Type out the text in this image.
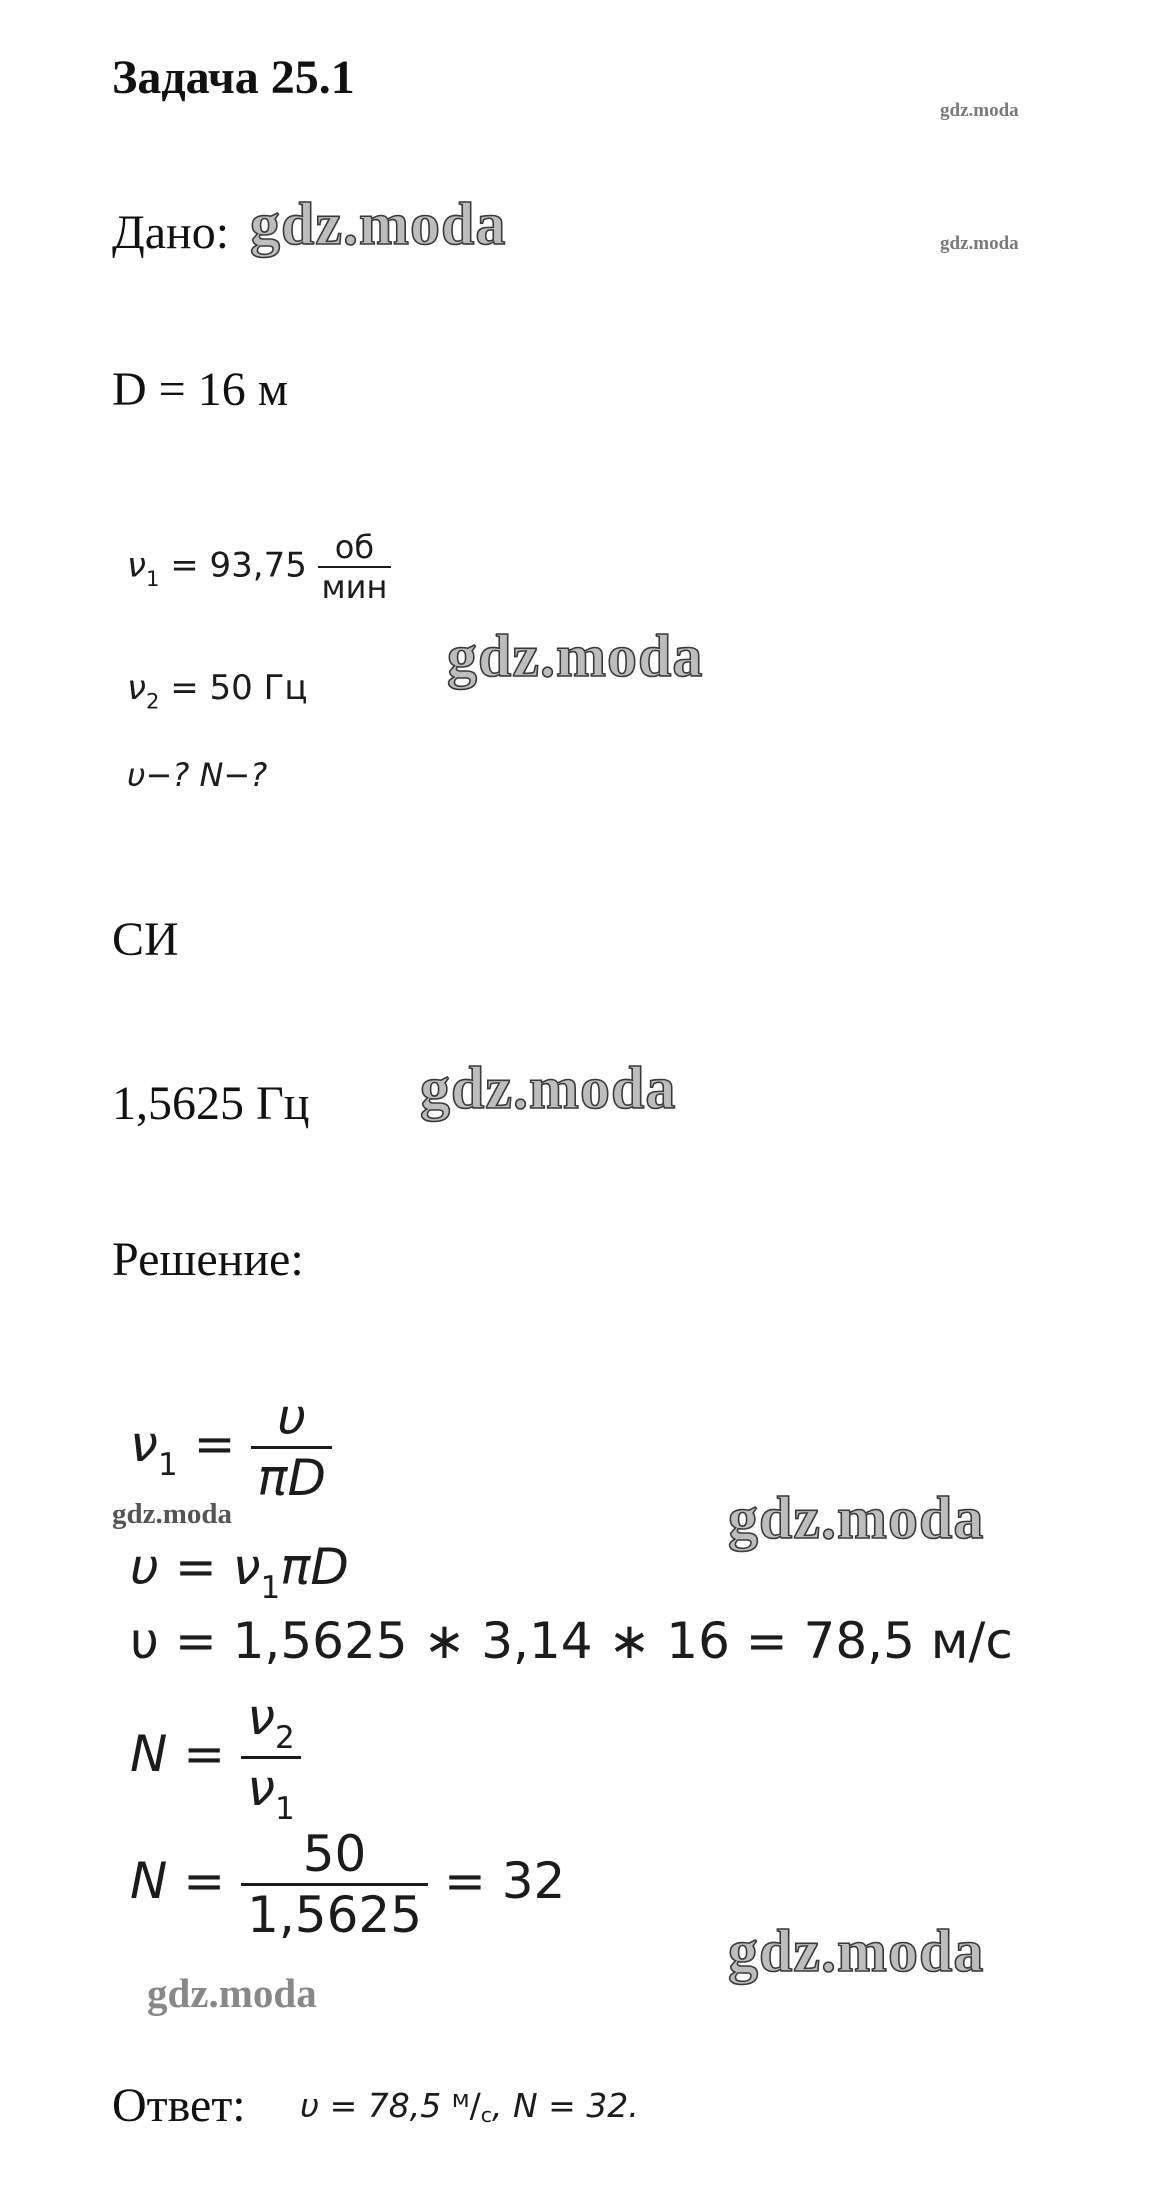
Задача 25.1
Дано:
D = 16 м
$\nu_1 = 93,75 \frac{об}{\text{мин}}$
$\nu_2 = 50$ Гц
υ−? N−?
СИ
1,5625 Гц
Решение:
$\nu_1 = \frac{\upsilon}{\pi D}$
$\upsilon = \nu_1\pi D$
υ = 1,5625 ∗ 3,14 ∗ 16 = 78,5 м/с
$N = \frac{\nu_2}{\nu_1}$
$N = \frac{50}{1,5625} = 32$
Ответ: υ = 78,5 $^м/_с$, N = 32.
gdz.moda
gdz.moda
gdz.moda
gdz.moda
gdz.moda
gdz.moda	gdz.moda
gdz.moda
gdz.moda
